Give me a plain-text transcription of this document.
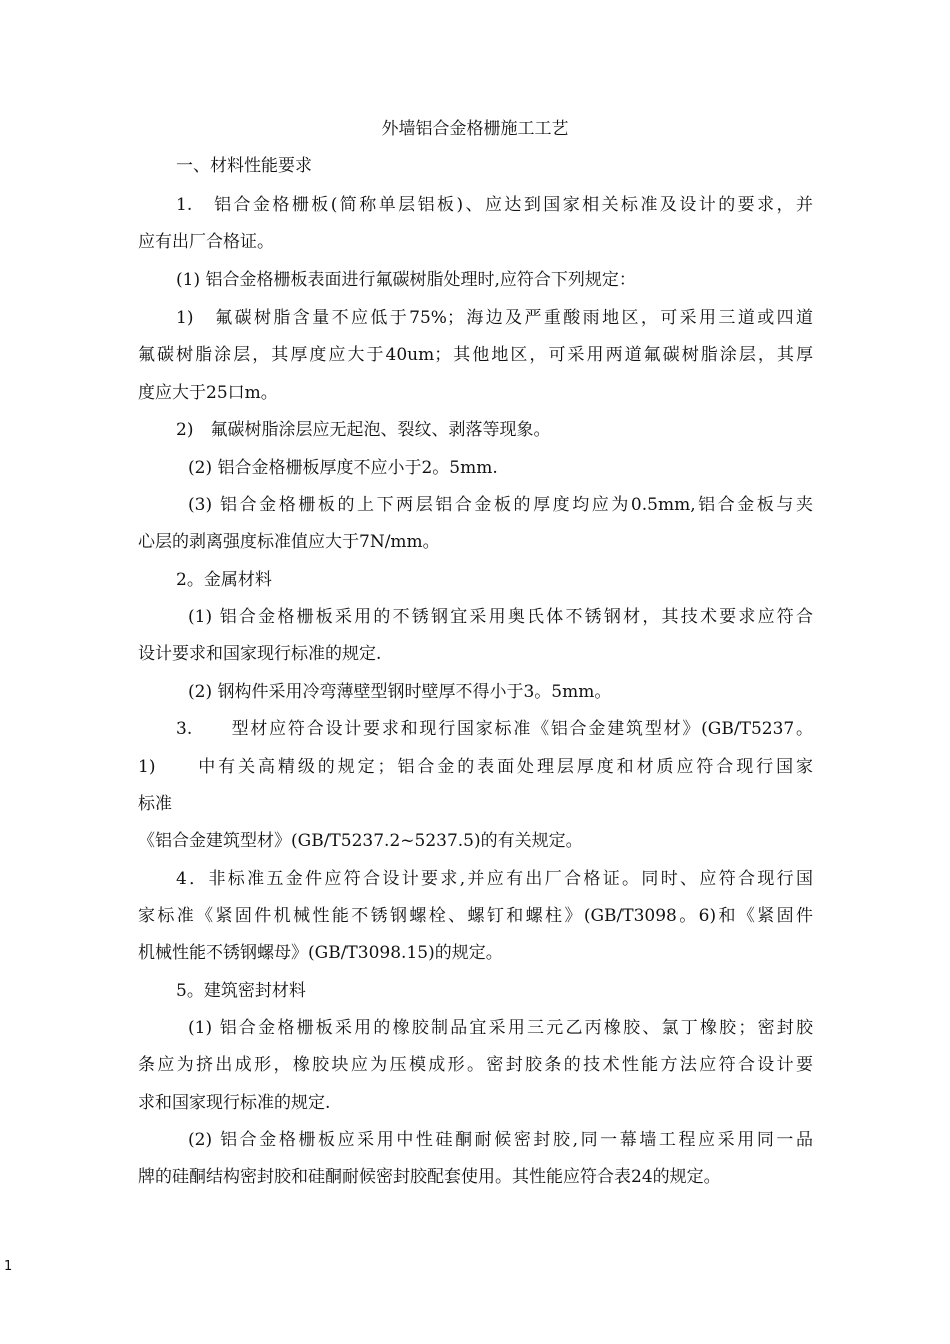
外墙铝合金格栅施工工艺
一、材料性能要求
1.　铝合金格栅板(简称单层铝板)、应达到国家相关标准及设计的要求，并
应有出厂合格证。
(1) 铝合金格栅板表面进行氟碳树脂处理时,应符合下列规定：
1)　氟碳树脂含量不应低于75%；海边及严重酸雨地区，可采用三道或四道
氟碳树脂涂层，其厚度应大于40um；其他地区，可采用两道氟碳树脂涂层，其厚
度应大于25口m。
2)　氟碳树脂涂层应无起泡、裂纹、剥落等现象。
(2) 铝合金格栅板厚度不应小于2。5mm.
(3) 铝合金格栅板的上下两层铝合金板的厚度均应为0.5mm,铝合金板与夹
心层的剥离强度标准值应大于7N/mm。
2。金属材料
(1) 铝合金格栅板采用的不锈钢宜采用奥氏体不锈钢材，其技术要求应符合
设计要求和国家现行标准的规定.
(2) 钢构件采用冷弯薄壁型钢时壁厚不得小于3。5mm。
3.　　型材应符合设计要求和现行国家标准《铝合金建筑型材》(GB/T5237。
1)　　中有关高精级的规定；铝合金的表面处理层厚度和材质应符合现行国家
标准
《铝合金建筑型材》(GB/T5237.2~5237.5)的有关规定。
4．非标准五金件应符合设计要求,并应有出厂合格证。同时、应符合现行国
家标准《紧固件机械性能不锈钢螺栓、螺钉和螺柱》(GB/T3098。6)和《紧固件
机械性能不锈钢螺母》(GB/T3098.15)的规定。
5。建筑密封材料
(1) 铝合金格栅板采用的橡胶制品宜采用三元乙丙橡胶、氯丁橡胶；密封胶
条应为挤出成形，橡胶块应为压模成形。密封胶条的技术性能方法应符合设计要
求和国家现行标准的规定.
(2) 铝合金格栅板应采用中性硅酮耐候密封胶,同一幕墙工程应采用同一品
牌的硅酮结构密封胶和硅酮耐候密封胶配套使用。其性能应符合表24的规定。
1
